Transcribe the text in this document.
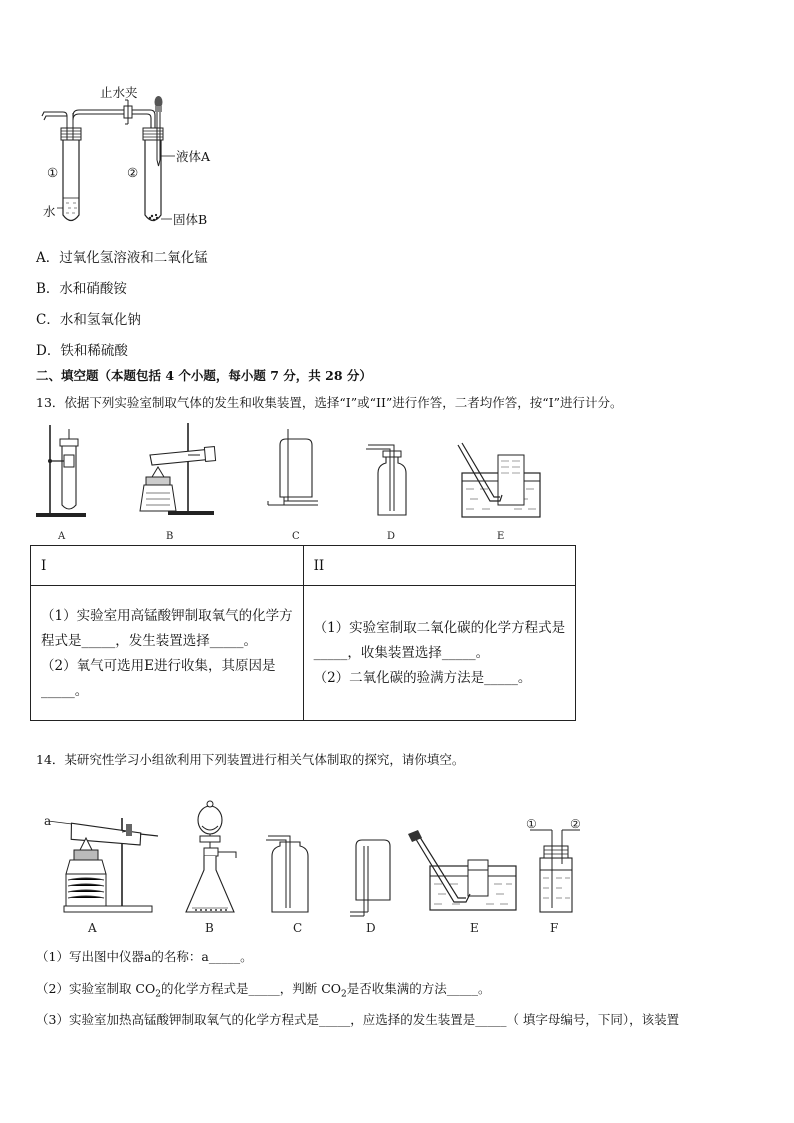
止水夹
①	②
水
液体A
固体B
A．过氧化氢溶液和二氧化锰
B．水和硝酸铵
C．水和氢氧化钠
D．铁和稀硫酸
二、填空题（本题包括 4 个小题，每小题 7 分，共 28 分）
13．依据下列实验室制取气体的发生和收集装置，选择“I”或“II”进行作答，二者均作答，按“I”进行计分。
A	B	C	D	E
I	II

（1）实验室用高锰酸钾制取氧气的化学方
程式是_____，发生装置选择_____。
（2）氧气可选用E进行收集，其原因是
_____。	（1）实验室制取二氧化碳的化学方程式是
_____，收集装置选择_____。
（2）二氧化碳的验满方法是_____。
14．某研究性学习小组欲利用下列装置进行相关气体制取的探究，请你填空。
a	①	②
A	B	C	D	E	F
（1）写出图中仪器a的名称：a_____。
（2）实验室制取 $CO_2$的化学方程式是_____，判断 $CO_2$是否收集满的方法_____。
（3）实验室加热高锰酸钾制取氧气的化学方程式是_____，应选择的发生装置是_____（ 填字母编号，下同），该装置
